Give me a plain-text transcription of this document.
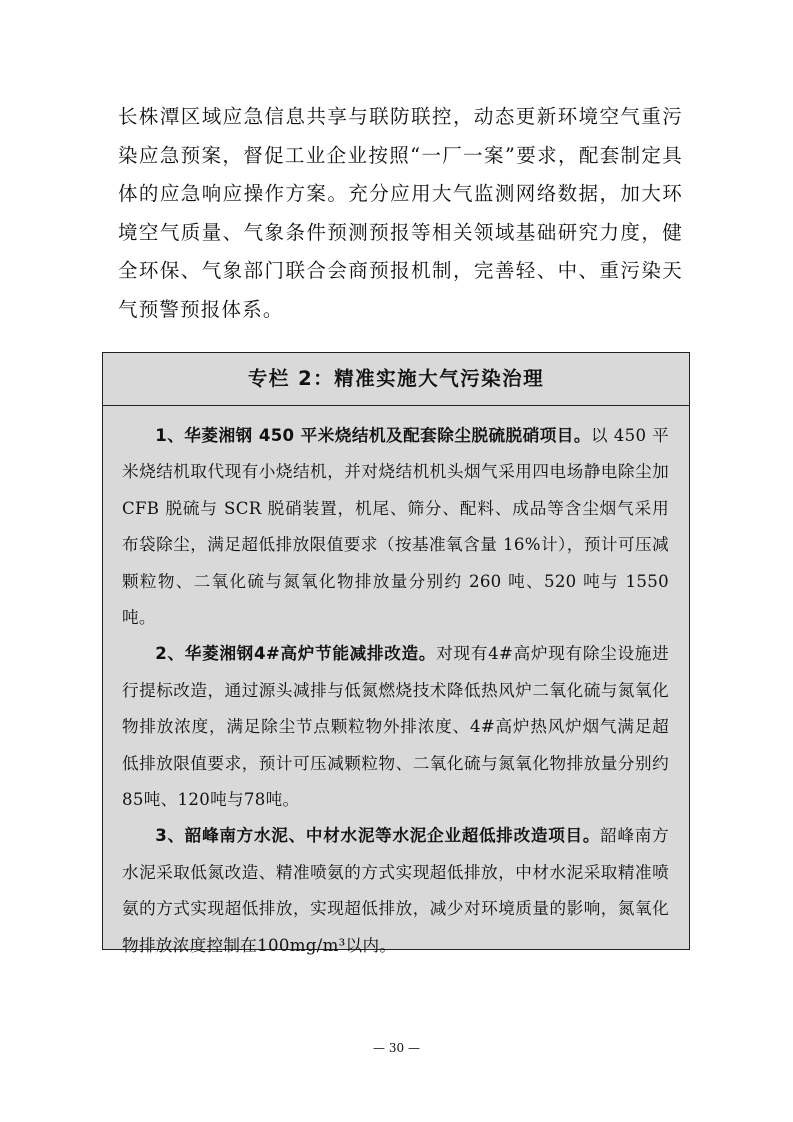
长株潭区域应急信息共享与联防联控，动态更新环境空气重污染应急预案，督促工业企业按照“一厂一案”要求，配套制定具体的应急响应操作方案。充分应用大气监测网络数据，加大环境空气质量、气象条件预测预报等相关领域基础研究力度，健全环保、气象部门联合会商预报机制，完善轻、中、重污染天气预警预报体系。

专栏 2：精准实施大气污染治理

1、华菱湘钢 450 平米烧结机及配套除尘脱硫脱硝项目。以 450 平米烧结机取代现有小烧结机，并对烧结机机头烟气采用四电场静电除尘加 CFB 脱硫与 SCR 脱硝装置，机尾、筛分、配料、成品等含尘烟气采用布袋除尘，满足超低排放限值要求（按基准氧含量 16%计），预计可压减颗粒物、二氧化硫与氮氧化物排放量分别约 260 吨、520 吨与 1550 吨。

2、华菱湘钢4#高炉节能减排改造。对现有4#高炉现有除尘设施进行提标改造，通过源头减排与低氮燃烧技术降低热风炉二氧化硫与氮氧化物排放浓度，满足除尘节点颗粒物外排浓度、4#高炉热风炉烟气满足超低排放限值要求，预计可压减颗粒物、二氧化硫与氮氧化物排放量分别约85吨、120吨与78吨。

3、韶峰南方水泥、中材水泥等水泥企业超低排改造项目。韶峰南方水泥采取低氮改造、精准喷氨的方式实现超低排放，中材水泥采取精准喷氨的方式实现超低排放，实现超低排放，减少对环境质量的影响，氮氧化物排放浓度控制在100mg/m³以内。

— 30 —
